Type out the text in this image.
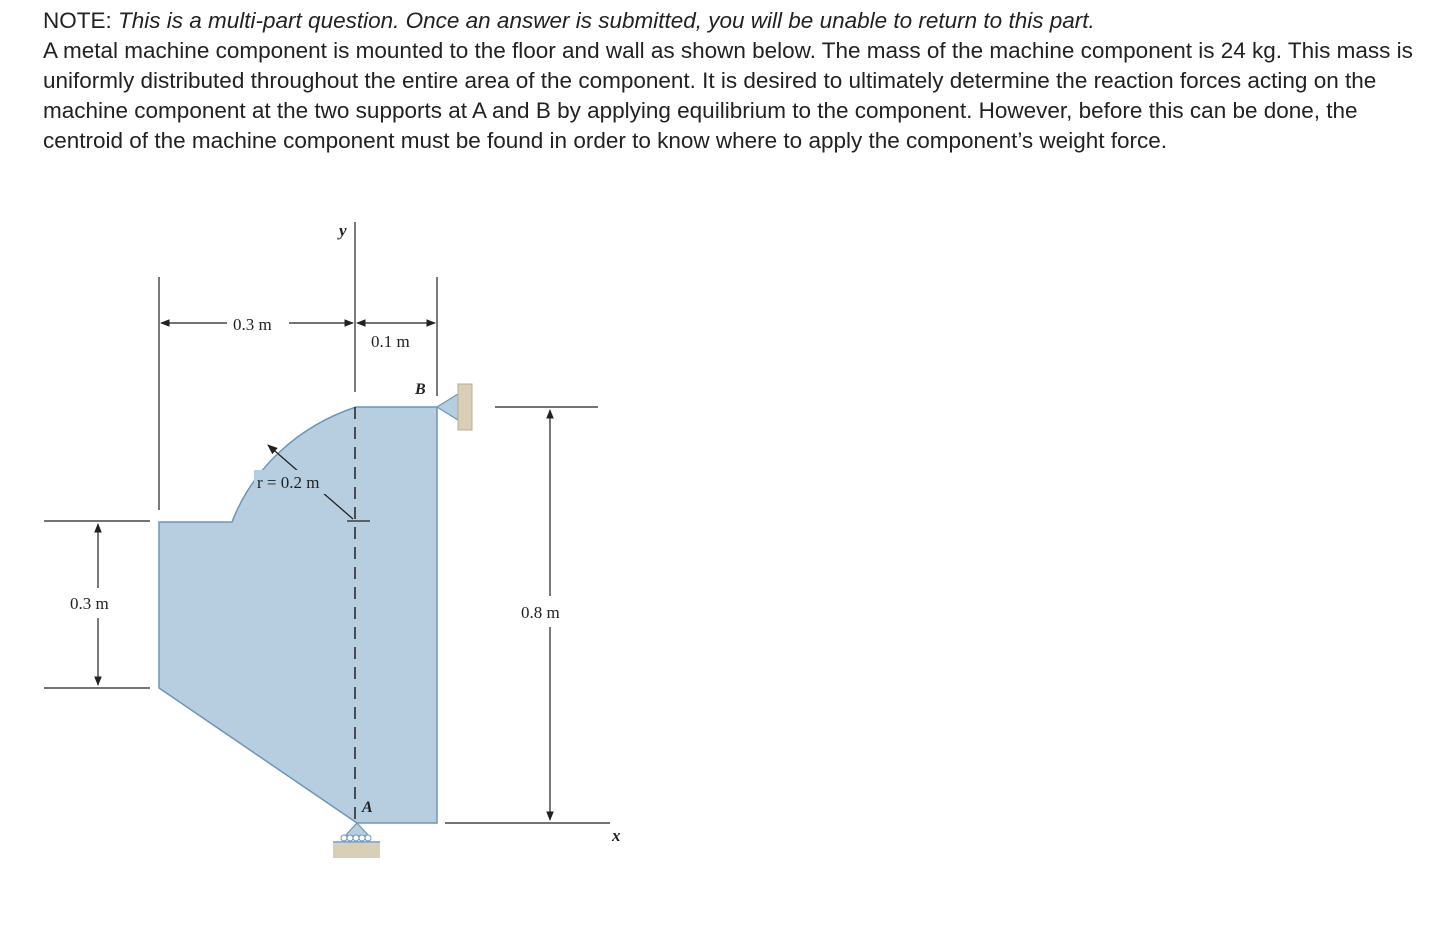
NOTE: This is a multi-part question. Once an answer is submitted, you will be unable to return to this part.

A metal machine component is mounted to the floor and wall as shown below. The mass of the machine component is 24 kg. This mass is uniformly distributed throughout the entire area of the component. It is desired to ultimately determine the reaction forces acting on the machine component at the two supports at A and B by applying equilibrium to the component. However, before this can be done, the centroid of the machine component must be found in order to know where to apply the component’s weight force.

y
0.3 m
0.1 m
r = 0.2 m
0.3 m	0.8 m
x
B
A
